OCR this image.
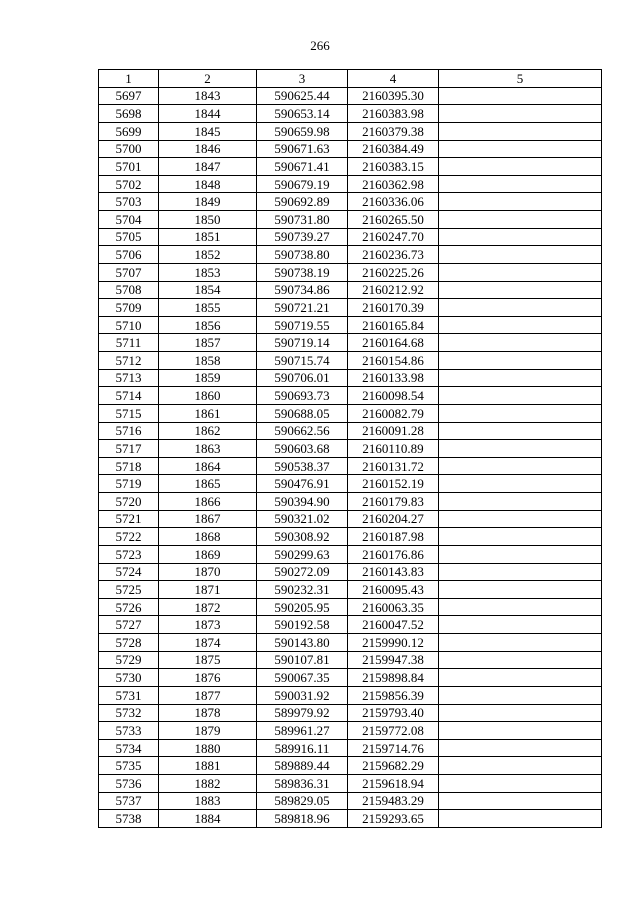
266
1	2	3	4	5
5697	1843	590625.44	2160395.30	
5698	1844	590653.14	2160383.98	
5699	1845	590659.98	2160379.38	
5700	1846	590671.63	2160384.49	
5701	1847	590671.41	2160383.15	
5702	1848	590679.19	2160362.98	
5703	1849	590692.89	2160336.06	
5704	1850	590731.80	2160265.50	
5705	1851	590739.27	2160247.70	
5706	1852	590738.80	2160236.73	
5707	1853	590738.19	2160225.26	
5708	1854	590734.86	2160212.92	
5709	1855	590721.21	2160170.39	
5710	1856	590719.55	2160165.84	
5711	1857	590719.14	2160164.68	
5712	1858	590715.74	2160154.86	
5713	1859	590706.01	2160133.98	
5714	1860	590693.73	2160098.54	
5715	1861	590688.05	2160082.79	
5716	1862	590662.56	2160091.28	
5717	1863	590603.68	2160110.89	
5718	1864	590538.37	2160131.72	
5719	1865	590476.91	2160152.19	
5720	1866	590394.90	2160179.83	
5721	1867	590321.02	2160204.27	
5722	1868	590308.92	2160187.98	
5723	1869	590299.63	2160176.86	
5724	1870	590272.09	2160143.83	
5725	1871	590232.31	2160095.43	
5726	1872	590205.95	2160063.35	
5727	1873	590192.58	2160047.52	
5728	1874	590143.80	2159990.12	
5729	1875	590107.81	2159947.38	
5730	1876	590067.35	2159898.84	
5731	1877	590031.92	2159856.39	
5732	1878	589979.92	2159793.40	
5733	1879	589961.27	2159772.08	
5734	1880	589916.11	2159714.76	
5735	1881	589889.44	2159682.29	
5736	1882	589836.31	2159618.94	
5737	1883	589829.05	2159483.29	
5738	1884	589818.96	2159293.65	
